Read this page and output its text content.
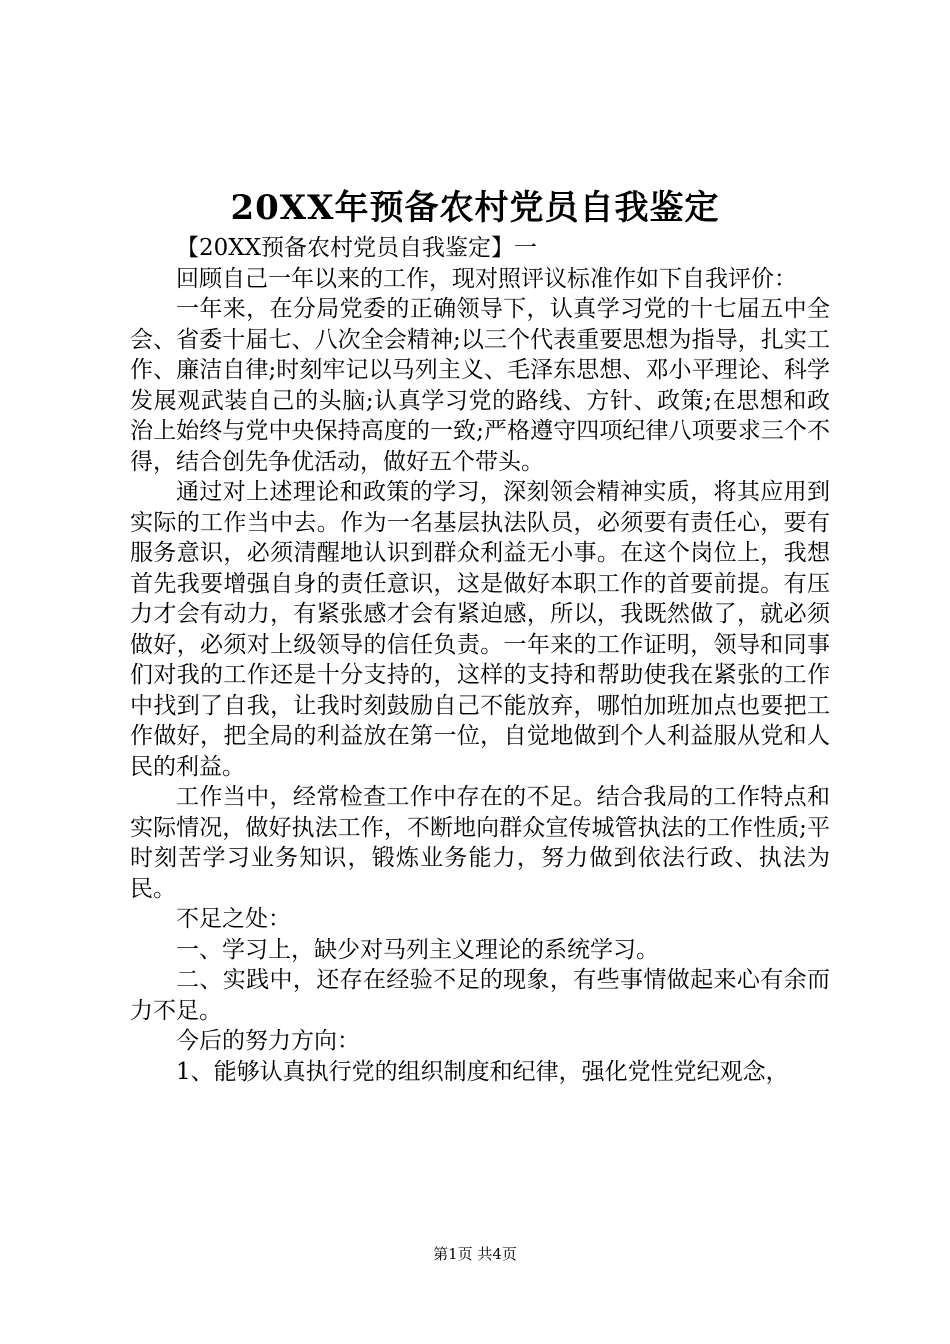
20XX年预备农村党员自我鉴定

【20XX预备农村党员自我鉴定】一

回顾自己一年以来的工作，现对照评议标准作如下自我评价：

一年来，在分局党委的正确领导下，认真学习党的十七届五中全会、省委十届七、八次全会精神;以三个代表重要思想为指导，扎实工作、廉洁自律;时刻牢记以马列主义、毛泽东思想、邓小平理论、科学发展观武装自己的头脑;认真学习党的路线、方针、政策;在思想和政治上始终与党中央保持高度的一致;严格遵守四项纪律八项要求三个不得，结合创先争优活动，做好五个带头。

通过对上述理论和政策的学习，深刻领会精神实质，将其应用到实际的工作当中去。作为一名基层执法队员，必须要有责任心，要有服务意识，必须清醒地认识到群众利益无小事。在这个岗位上，我想首先我要增强自身的责任意识，这是做好本职工作的首要前提。有压力才会有动力，有紧张感才会有紧迫感，所以，我既然做了，就必须做好，必须对上级领导的信任负责。一年来的工作证明，领导和同事们对我的工作还是十分支持的，这样的支持和帮助使我在紧张的工作中找到了自我，让我时刻鼓励自己不能放弃，哪怕加班加点也要把工作做好，把全局的利益放在第一位，自觉地做到个人利益服从党和人民的利益。

工作当中，经常检查工作中存在的不足。结合我局的工作特点和实际情况，做好执法工作，不断地向群众宣传城管执法的工作性质;平时刻苦学习业务知识，锻炼业务能力，努力做到依法行政、执法为民。

不足之处：

一、学习上，缺少对马列主义理论的系统学习。

二、实践中，还存在经验不足的现象，有些事情做起来心有余而力不足。

今后的努力方向：

1、能够认真执行党的组织制度和纪律，强化党性党纪观念，

第1页 共4页
